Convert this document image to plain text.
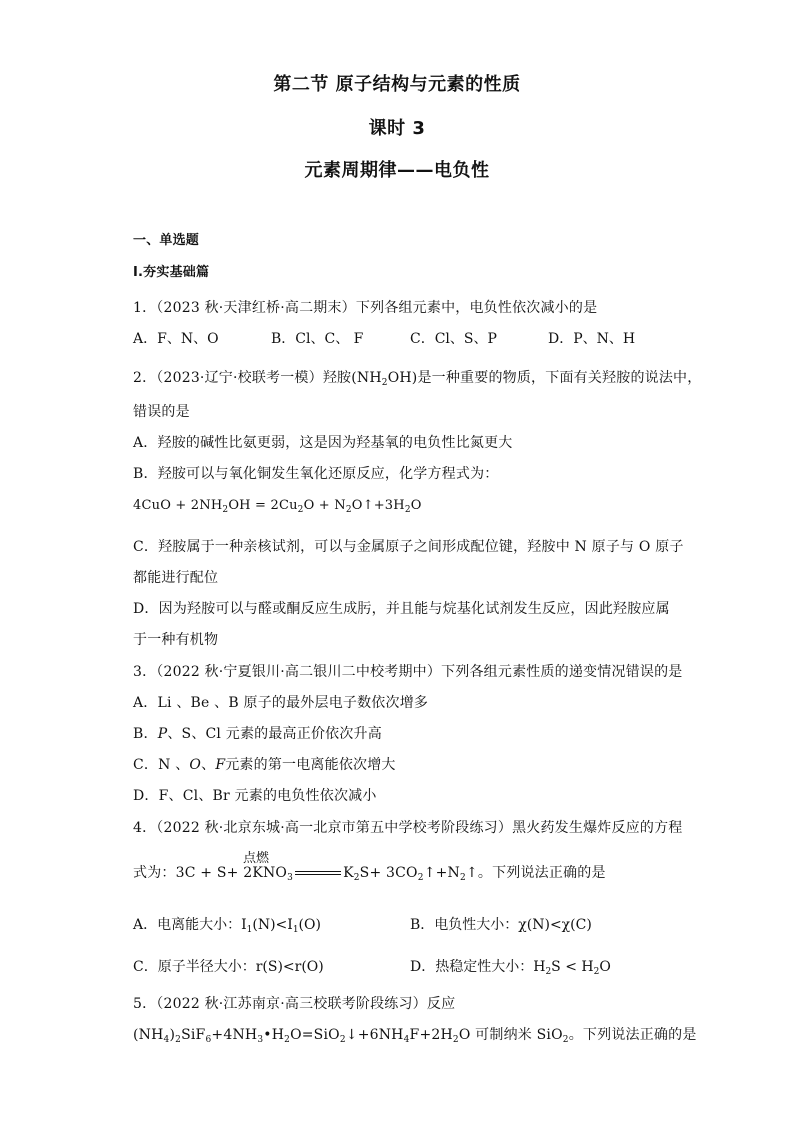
第二节 原子结构与元素的性质
课时 3
元素周期律——电负性
一、单选题
Ⅰ.夯实基础篇
1．（2023 秋·天津红桥·高二期末）下列各组元素中，电负性依次减小的是
A．F、N、O	B．Cl、C、 F	C．Cl、S、P	D．P、N、H
2．（2023·辽宁·校联考一模）羟胺$(NH_2OH)$是一种重要的物质，下面有关羟胺的说法中，
错误的是
A．羟胺的碱性比氨更弱，这是因为羟基氧的电负性比氮更大
B．羟胺可以与氧化铜发生氧化还原反应，化学方程式为：
$4CuO + 2NH_2OH = 2Cu_2O$ + $N_2O↑+3H_2O$
C．羟胺属于一种亲核试剂，可以与金属原子之间形成配位键，羟胺中 N 原子与 O 原子
都能进行配位
D．因为羟胺可以与醛或酮反应生成肟，并且能与烷基化试剂发生反应，因此羟胺应属
于一种有机物
3．（2022 秋·宁夏银川·高二银川二中校考期中）下列各组元素性质的递变情况错误的是
A．Li 、Be 、B 原子的最外层电子数依次增多
B．P、S、Cl 元素的最高正价依次升高
C．N 、O、F元素的第一电离能依次增大
D．F、Cl、Br 元素的电负性依次减小
4．（2022 秋·北京东城·高一北京市第五中学校考阶段练习）黑火药发生爆炸反应的方程
点燃
式为：$3C + S+ 2KNO_3$	$K_2S+$ $3CO_2↑+N_2↑$。下列说法正确的是
A．电离能大小：$I_1(N)<I_1(O)$	B．电负性大小：χ(N)<χ(C)
C．原子半径大小：r(S)<r(O)	D．热稳定性大小：$H_2S < H_2O$
5．（2022 秋·江苏南京·高三校联考阶段练习）反应
$(NH_4)_2SiF_6+4NH_3•H_2O=SiO_2↓+6NH_4F+2H_2O$ 可制纳米 SiO$_2$。下列说法正确的是
